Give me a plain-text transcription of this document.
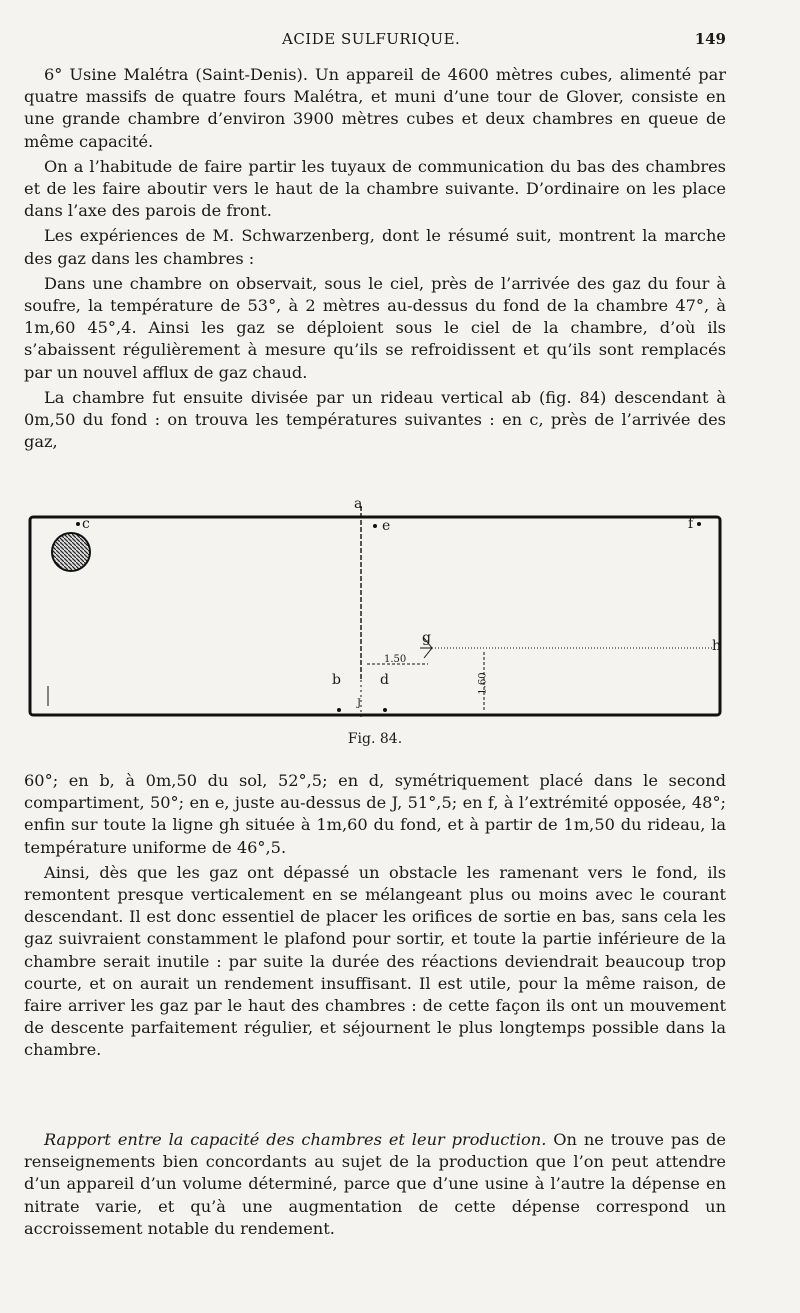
ACIDE SULFURIQUE.	149

6° Usine Malétra (Saint-Denis). Un appareil de 4600 mètres cubes, alimenté par quatre massifs de quatre fours Malétra, et muni d’une tour de Glover, consiste en une grande chambre d’environ 3900 mètres cubes et deux chambres en queue de même capacité.

On a l’habitude de faire partir les tuyaux de communication du bas des chambres et de les faire aboutir vers le haut de la chambre suivante. D’ordinaire on les place dans l’axe des parois de front.

Les expériences de M. Schwarzenberg, dont le résumé suit, montrent la marche des gaz dans les chambres :

Dans une chambre on observait, sous le ciel, près de l’arrivée des gaz du four à soufre, la température de 53°, à 2 mètres au-dessus du fond de la chambre 47°, à 1m,60 45°,4. Ainsi les gaz se déploient sous le ciel de la chambre, d’où ils s’abaissent régulièrement à mesure qu’ils se refroidissent et qu’ils sont remplacés par un nouvel afflux de gaz chaud.

La chambre fut ensuite divisée par un rideau vertical ab (fig. 84) descendant à 0m,50 du fond : on trouva les températures suivantes : en c, près de l’arrivée des gaz,

a
c	e	f
g	h
b	d
J
1.50
1.60
Fig. 84.

60°; en b, à 0m,50 du sol, 52°,5; en d, symétriquement placé dans le second compartiment, 50°; en e, juste au-dessus de J, 51°,5; en f, à l’extrémité opposée, 48°; enfin sur toute la ligne gh située à 1m,60 du fond, et à partir de 1m,50 du rideau, la température uniforme de 46°,5.

Ainsi, dès que les gaz ont dépassé un obstacle les ramenant vers le fond, ils remontent presque verticalement en se mélangeant plus ou moins avec le courant descendant. Il est donc essentiel de placer les orifices de sortie en bas, sans cela les gaz suivraient constamment le plafond pour sortir, et toute la partie inférieure de la chambre serait inutile : par suite la durée des réactions deviendrait beaucoup trop courte, et on aurait un rendement insuffisant. Il est utile, pour la même raison, de faire arriver les gaz par le haut des chambres : de cette façon ils ont un mouvement de descente parfaitement régulier, et séjournent le plus longtemps possible dans la chambre.

Rapport entre la capacité des chambres et leur production. On ne trouve pas de renseignements bien concordants au sujet de la production que l’on peut attendre d’un appareil d’un volume déterminé, parce que d’une usine à l’autre la dépense en nitrate varie, et qu’à une augmentation de cette dépense correspond un accroissement notable du rendement.
